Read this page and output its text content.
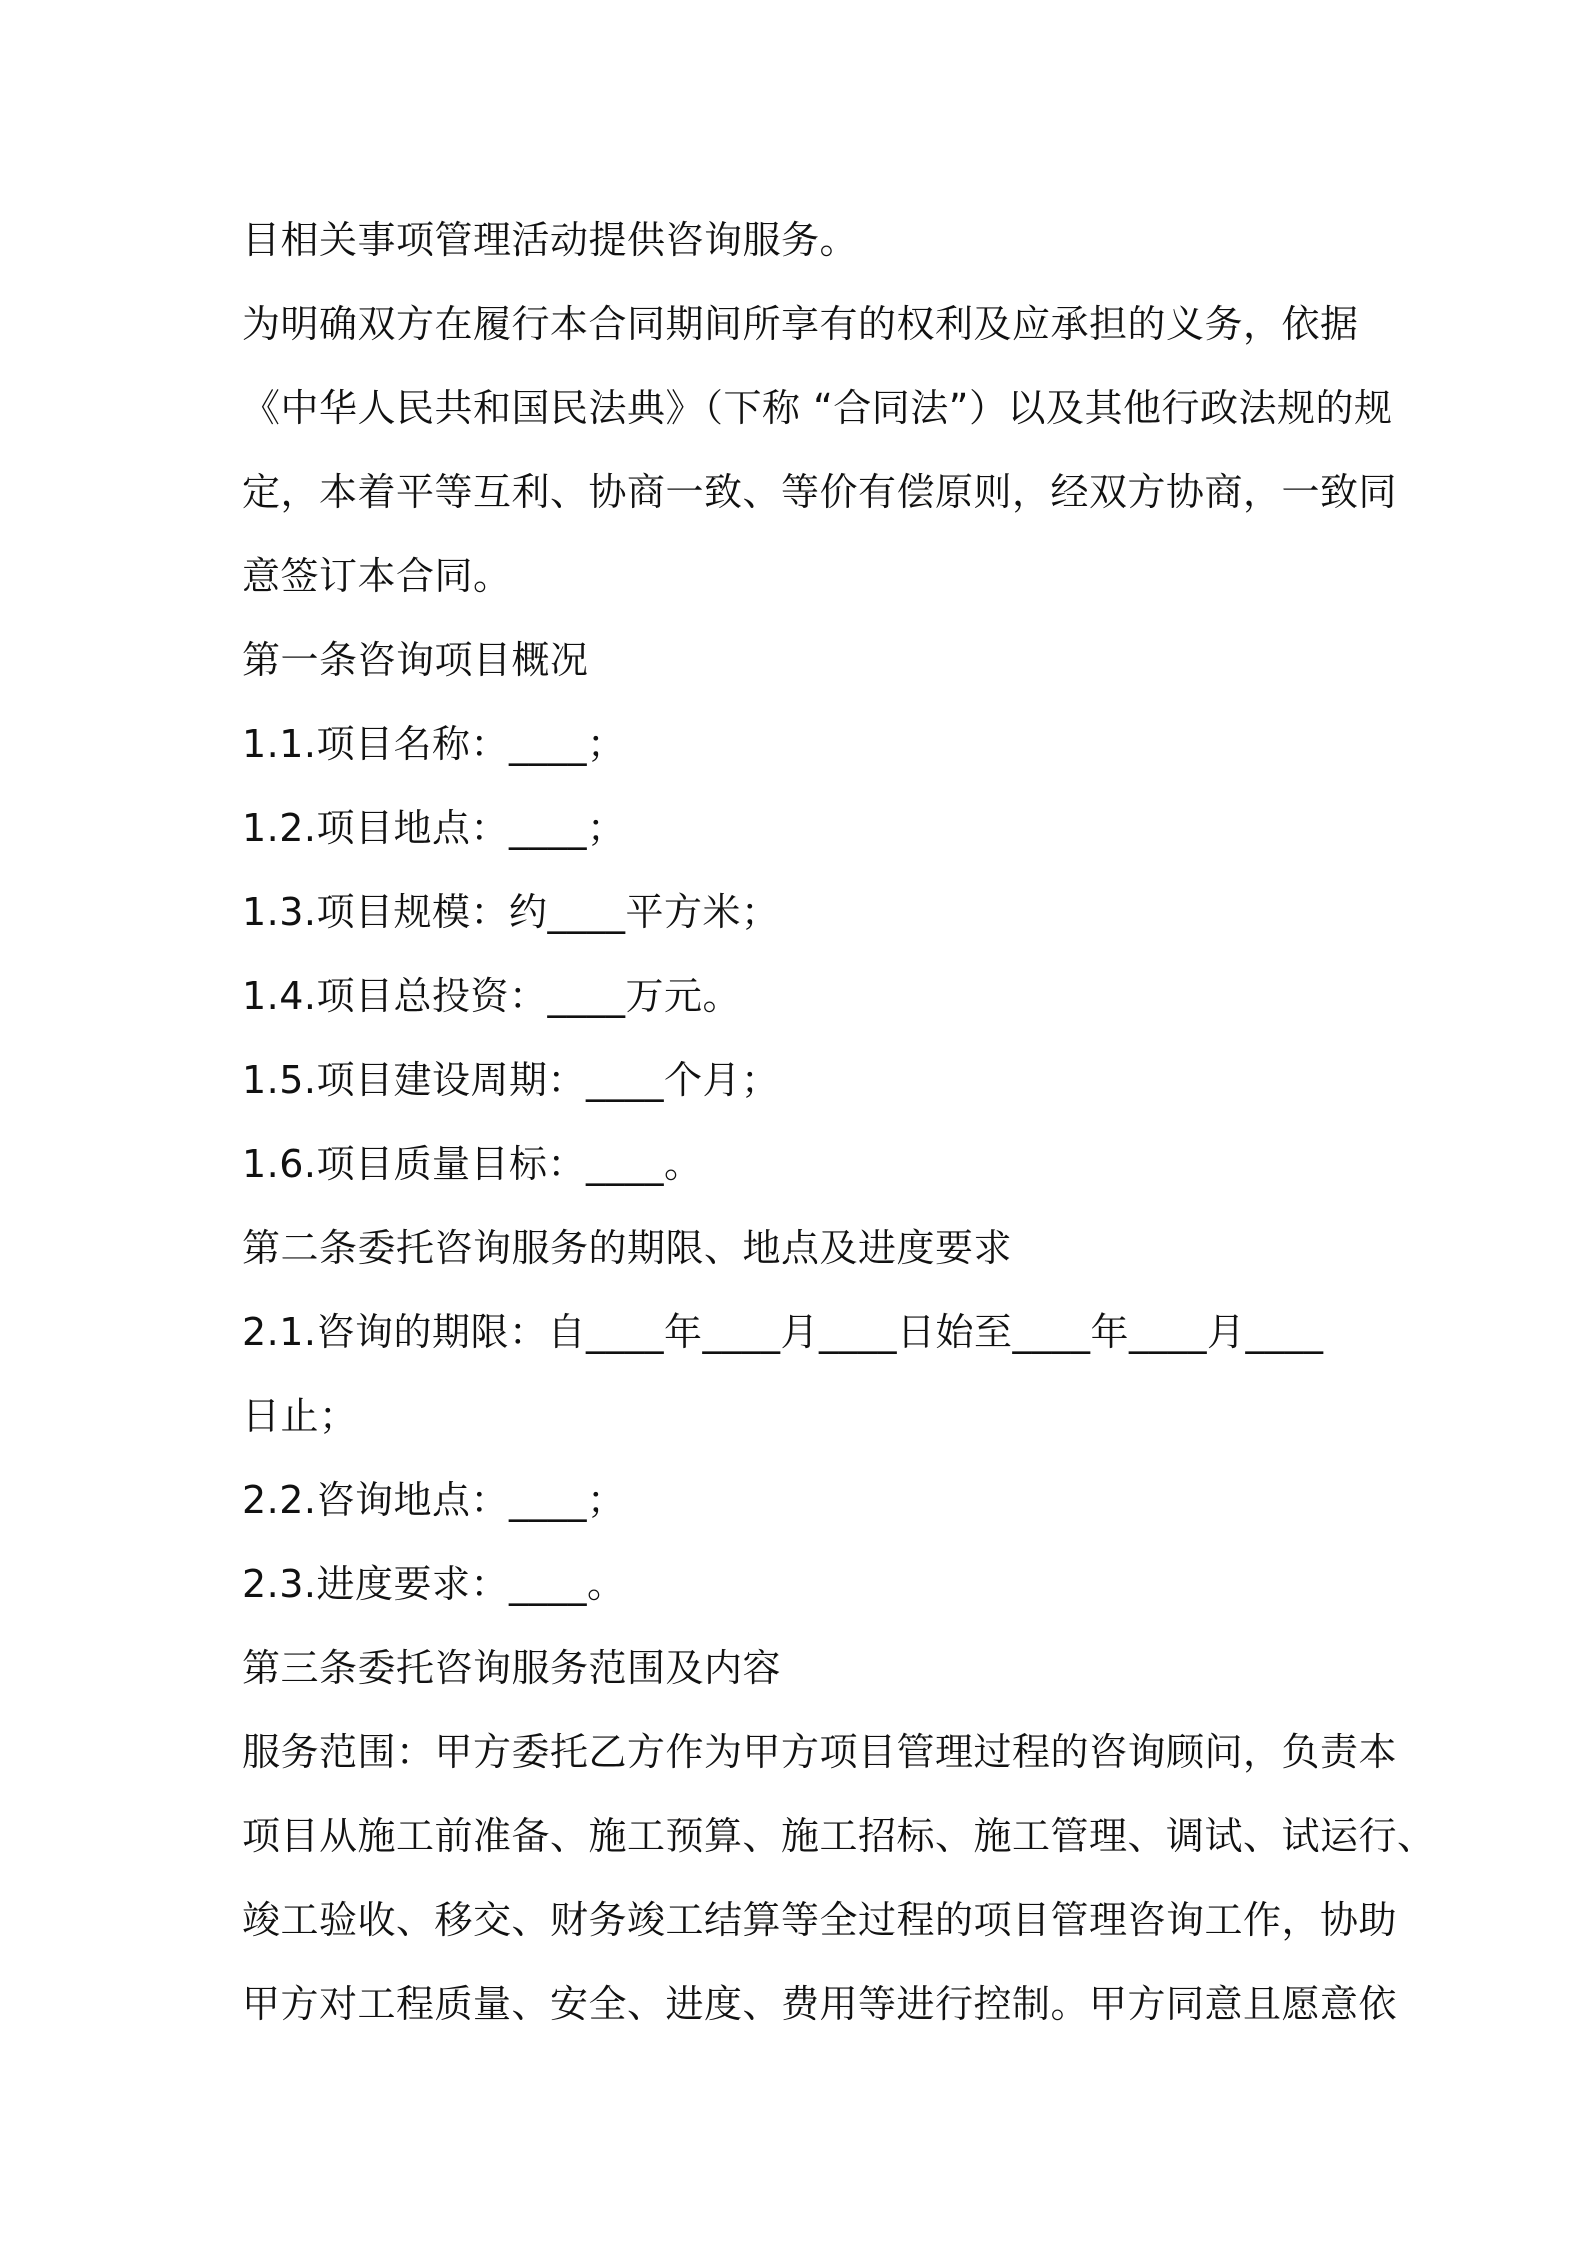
目相关事项管理活动提供咨询服务。
为明确双方在履行本合同期间所享有的权利及应承担的义务，依据
《中华人民共和国民法典》（下称 “合同法”）以及其他行政法规的规
定，本着平等互利、协商一致、等价有偿原则，经双方协商，一致同
意签订本合同。
第一条咨询项目概况
1.1.项目名称：____；
1.2.项目地点：____；
1.3.项目规模：约____平方米；
1.4.项目总投资：____万元。
1.5.项目建设周期：____个月；
1.6.项目质量目标：____。
第二条委托咨询服务的期限、地点及进度要求
2.1.咨询的期限：自____年____月____日始至____年____月____
日止；
2.2.咨询地点：____；
2.3.进度要求：____。
第三条委托咨询服务范围及内容
服务范围：甲方委托乙方作为甲方项目管理过程的咨询顾问，负责本
项目从施工前准备、施工预算、施工招标、施工管理、调试、试运行、
竣工验收、移交、财务竣工结算等全过程的项目管理咨询工作，协助
甲方对工程质量、安全、进度、费用等进行控制。甲方同意且愿意依
